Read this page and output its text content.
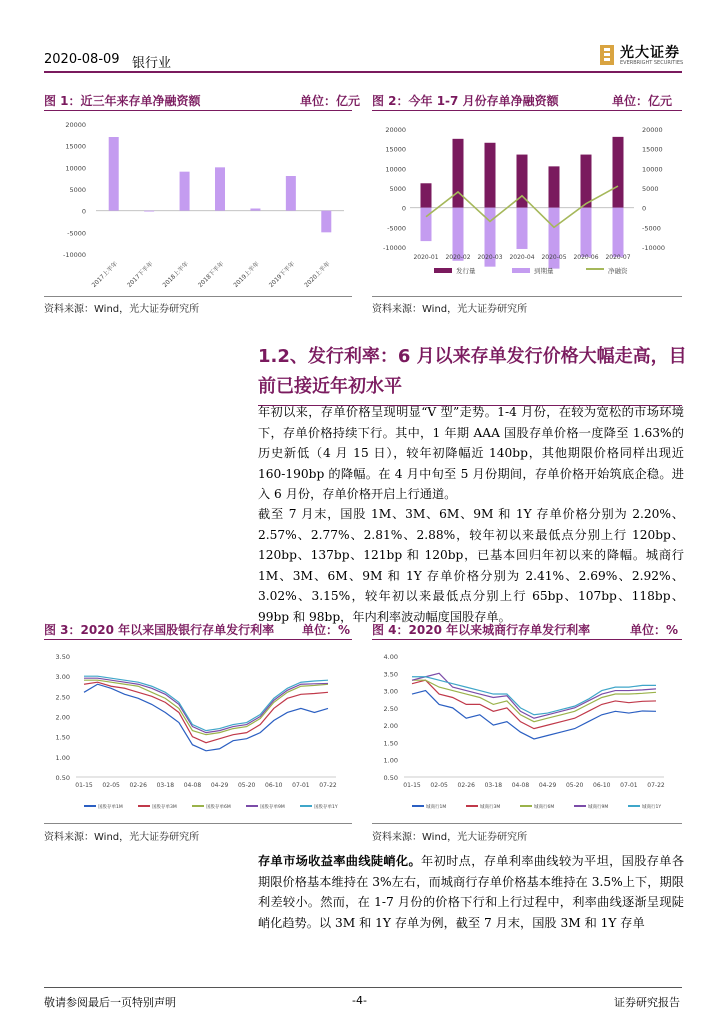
2020-08-09 银行业
光大证券
EVERBRIGHT SECURITIES
图 1：近三年来存单净融资额	单位：亿元
20000
15000
10000
5000
0
-5000
-10000
2017上半年 2017下半年 2018上半年 2018下半年 2019上半年 2019下半年 2020上半年
资料来源：Wind，光大证券研究所
图 2：今年 1-7 月份存单净融资额	单位：亿元
20000	20000
15000	15000
10000	10000
5000	5000
0	0
-5000	-5000
-10000	-10000
2020-01 2020-02 2020-03 2020-04 2020-05 2020-06 2020-07
发行量	到期量	净融资
资料来源：Wind，光大证券研究所
1.2、发行利率：6 月以来存单发行价格大幅走高，目前已接近年初水平
年初以来，存单价格呈现明显“V 型”走势。1-4 月份，在较为宽松的市场环境下，存单价格持续下行。其中，1 年期 AAA 国股存单价格一度降至 1.63%的历史新低（4 月 15 日），较年初降幅近 140bp，其他期限价格同样出现近 160-190bp 的降幅。在 4 月中旬至 5 月份期间，存单价格开始筑底企稳。进入 6 月份，存单价格开启上行通道。
截至 7 月末，国股 1M、3M、6M、9M 和 1Y 存单价格分别为 2.20%、2.57%、2.77%、2.81%、2.88%，较年初以来最低点分别上行 120bp、120bp、137bp、121bp 和 120bp，已基本回归年初以来的降幅。城商行 1M、3M、6M、9M 和 1Y 存单价格分别为 2.41%、2.69%、2.92%、3.02%、3.15%，较年初以来最低点分别上行 65bp、107bp、118bp、99bp 和 98bp，年内利率波动幅度国股存单。
图 3：2020 年以来国股银行存单发行利率 单位：%
3.50
3.00
2.50
2.00
1.50
1.00
0.50
01-15 02-05 02-26 03-18 04-08 04-29 05-20 06-10 07-01 07-22
国股存单1M	国股存单3M	国股存单6M	国股存单9M	国股存单1Y
资料来源：Wind，光大证券研究所
图 4：2020 年以来城商行存单发行利率	单位：%
4.00
3.50
3.00
2.50
2.00
1.50
1.00
0.50
01-15 02-05 02-26 03-18 04-08 04-29 05-20 06-10 07-01 07-22
城商行1M	城商行3M	城商行6M	城商行9M	城商行1Y
资料来源：Wind，光大证券研究所
存单市场收益率曲线陡峭化。年初时点，存单利率曲线较为平坦，国股存单各期限价格基本维持在 3%左右，而城商行存单价格基本维持在 3.5%上下，期限利差较小。然而，在 1-7 月份的价格下行和上行过程中，利率曲线逐渐呈现陡峭化趋势。以 3M 和 1Y 存单为例，截至 7 月末，国股 3M 和 1Y 存单
敬请参阅最后一页特别声明	-4-	证券研究报告
